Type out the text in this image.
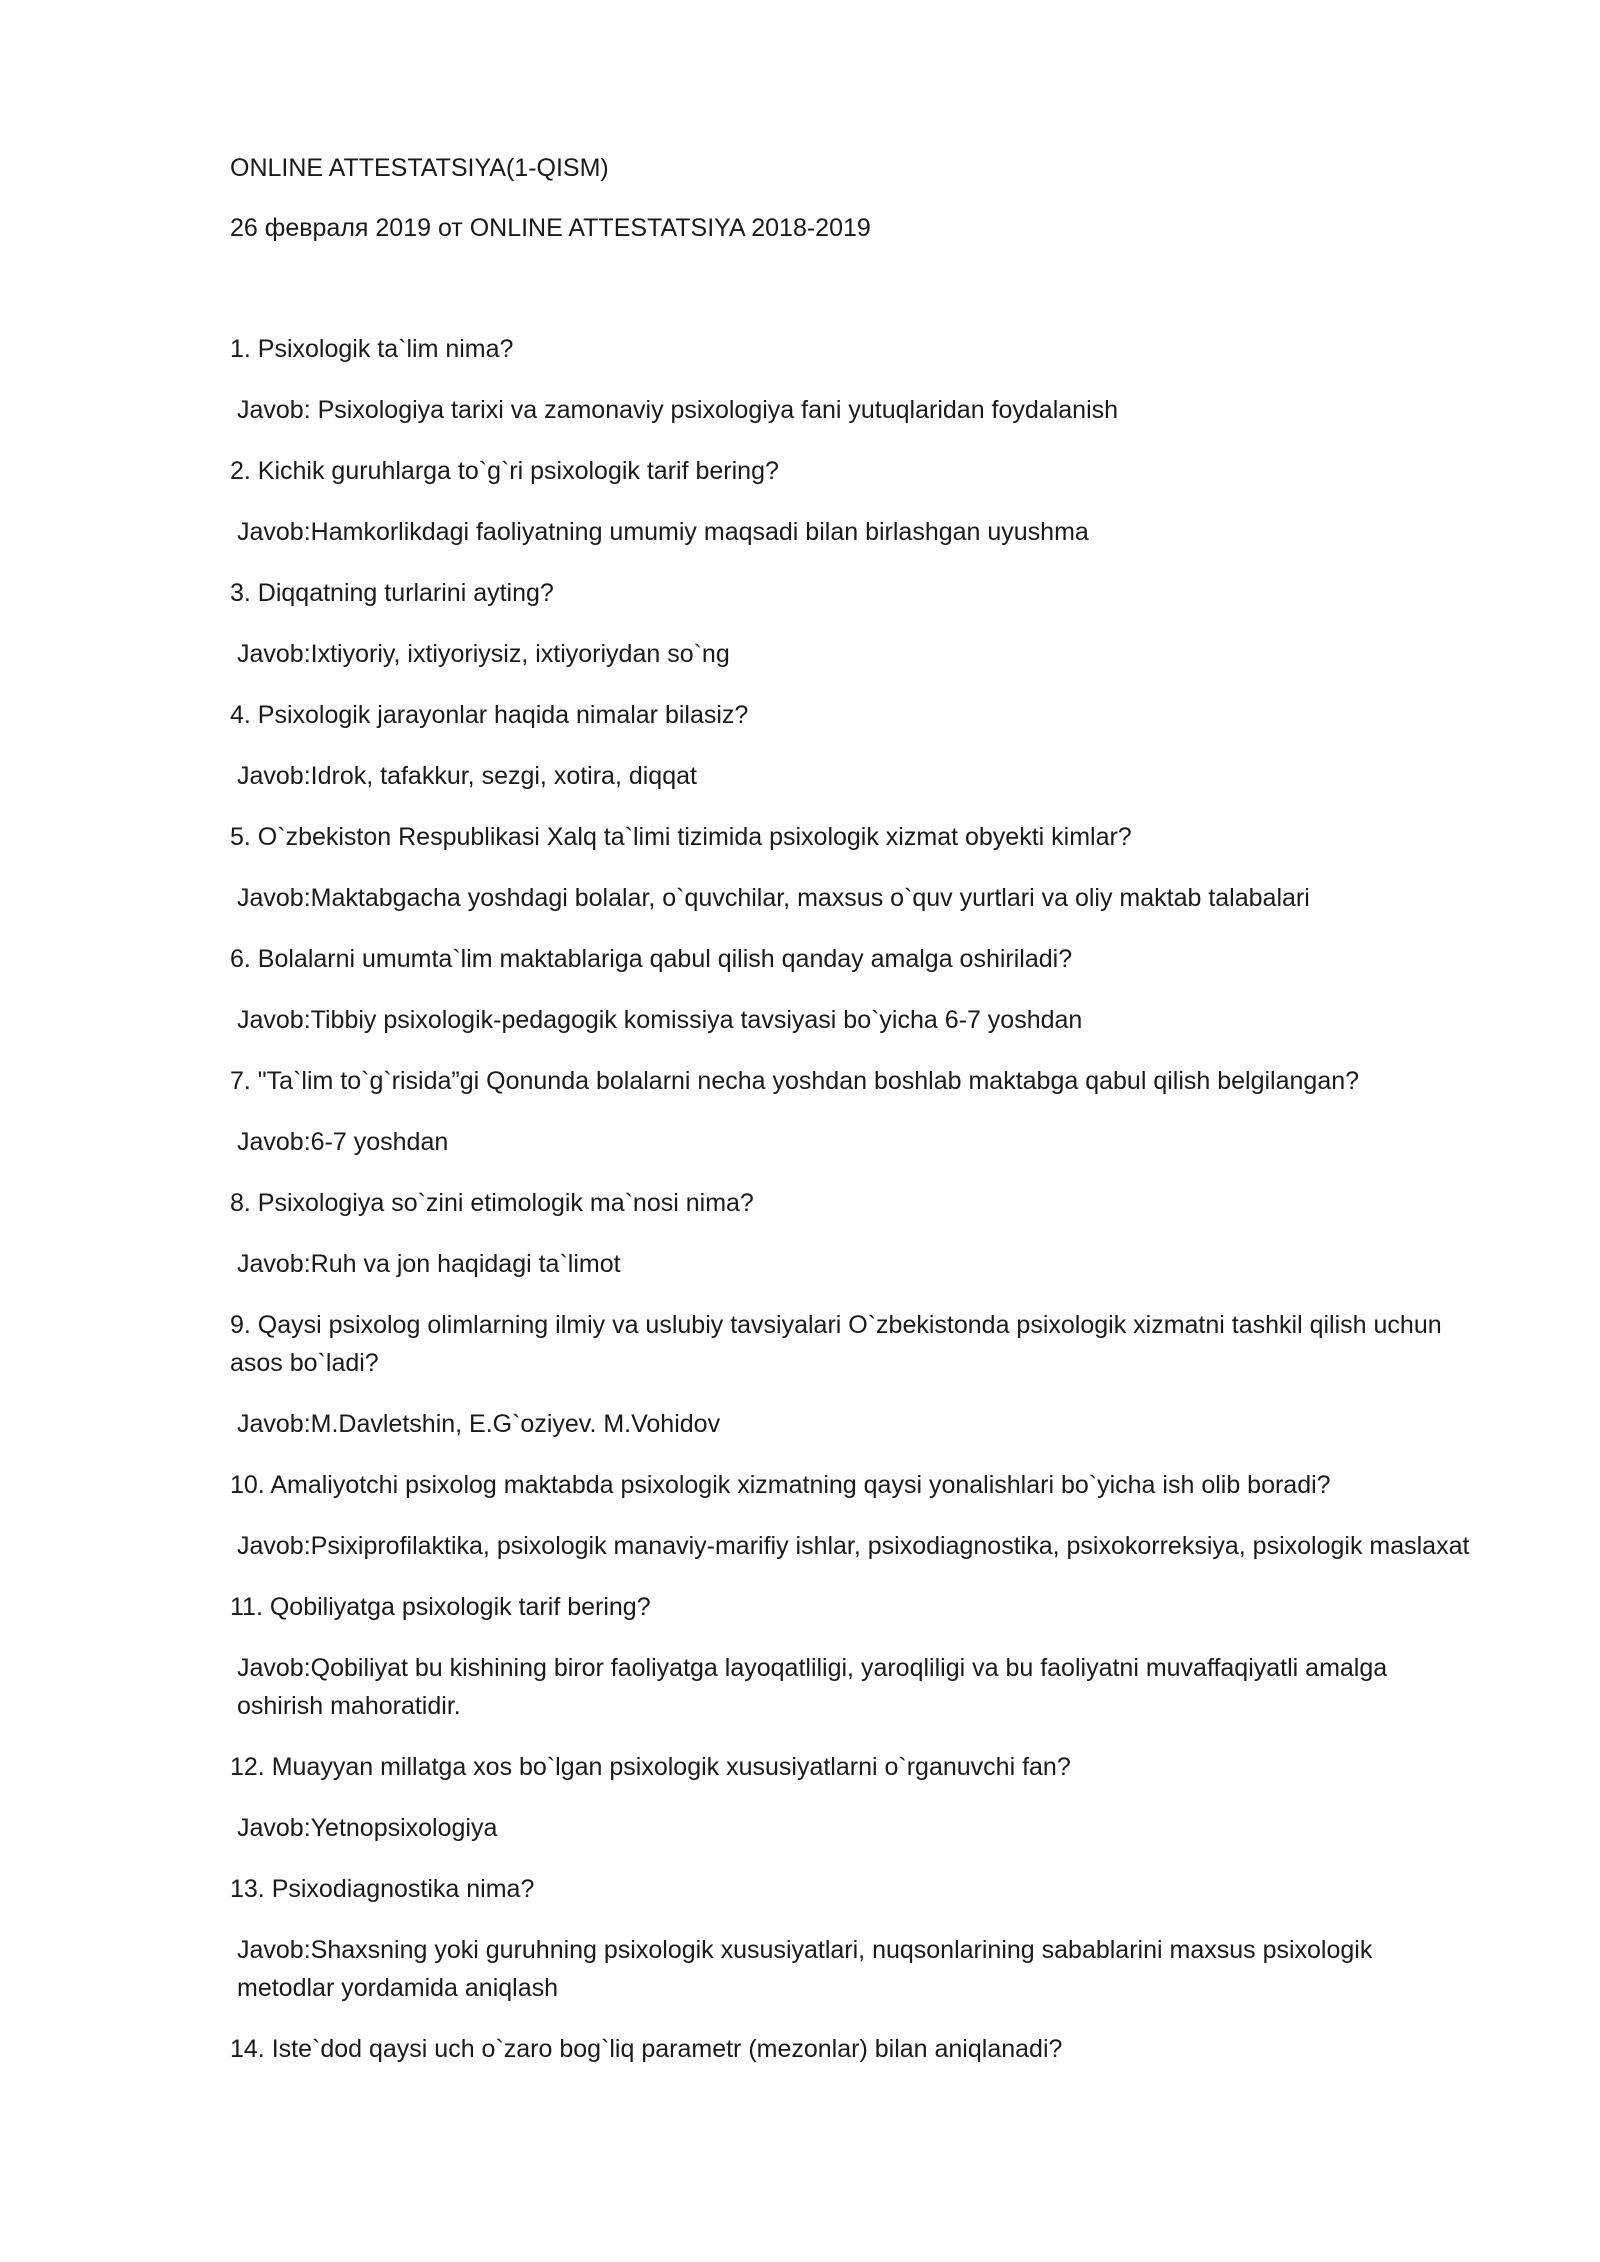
ONLINE ATTESTATSIYA(1-QISM)

26 февраля 2019 от ONLINE ATTESTATSIYA 2018-2019

1. Psixologik ta`lim nima?

Javob: Psixologiya tarixi va zamonaviy psixologiya fani yutuqlaridan foydalanish

2. Kichik guruhlarga to`g`ri psixologik tarif bering?

Javob:Hamkorlikdagi faoliyatning umumiy maqsadi bilan birlashgan uyushma

3. Diqqatning turlarini ayting?

Javob:Ixtiyoriy, ixtiyoriysiz, ixtiyoriydan so`ng

4. Psixologik jarayonlar haqida nimalar bilasiz?

Javob:Idrok, tafakkur, sezgi, xotira, diqqat

5. O`zbekiston Respublikasi Xalq ta`limi tizimida psixologik xizmat obyekti kimlar?

Javob:Maktabgacha yoshdagi bolalar, o`quvchilar, maxsus o`quv yurtlari va oliy maktab talabalari

6. Bolalarni umumta`lim maktablariga qabul qilish qanday amalga oshiriladi?

Javob:Tibbiy psixologik-pedagogik komissiya tavsiyasi bo`yicha 6-7 yoshdan

7. "Ta`lim to`g`risida”gi Qonunda bolalarni necha yoshdan boshlab maktabga qabul qilish belgilangan?

Javob:6-7 yoshdan

8. Psixologiya so`zini etimologik ma`nosi nima?

Javob:Ruh va jon haqidagi ta`limot

9. Qaysi psixolog olimlarning ilmiy va uslubiy tavsiyalari O`zbekistonda psixologik xizmatni tashkil qilish uchun asos bo`ladi?

Javob:M.Davletshin, E.G`oziyev. M.Vohidov

10. Amaliyotchi psixolog maktabda psixologik xizmatning qaysi yonalishlari bo`yicha ish olib boradi?

Javob:Psixiprofilaktika, psixologik manaviy-marifiy ishlar, psixodiagnostika, psixokorreksiya, psixologik maslaxat

11. Qobiliyatga psixologik tarif bering?

Javob:Qobiliyat bu kishining biror faoliyatga layoqatliligi, yaroqliligi va bu faoliyatni muvaffaqiyatli amalga oshirish mahoratidir.

12. Muayyan millatga xos bo`lgan psixologik xususiyatlarni o`rganuvchi fan?

Javob:Yetnopsixologiya

13. Psixodiagnostika nima?

Javob:Shaxsning yoki guruhning psixologik xususiyatlari, nuqsonlarining sabablarini maxsus psixologik metodlar yordamida aniqlash

14. Iste`dod qaysi uch o`zaro bog`liq parametr (mezonlar) bilan aniqlanadi?
